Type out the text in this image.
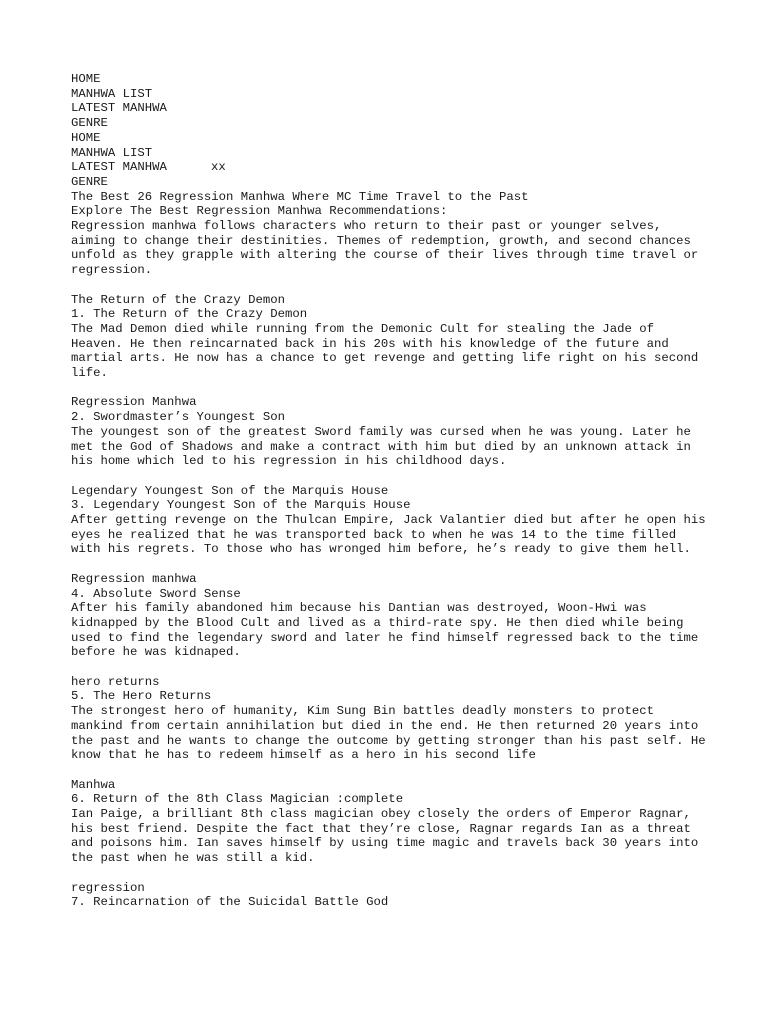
HOME
MANHWA LIST
LATEST MANHWA
GENRE
HOME
MANHWA LIST
LATEST MANHWA	xx
GENRE
The Best 26 Regression Manhwa Where MC Time Travel to the Past
Explore The Best Regression Manhwa Recommendations:

Regression manhwa follows characters who return to their past or younger selves, aiming to change their destinities. Themes of redemption, growth, and second chances unfold as they grapple with altering the course of their lives through time travel or regression.

The Return of the Crazy Demon
1. The Return of the Crazy Demon

The Mad Demon died while running from the Demonic Cult for stealing the Jade of Heaven. He then reincarnated back in his 20s with his knowledge of the future and martial arts. He now has a chance to get revenge and getting life right on his second life.

Regression Manhwa
2. Swordmaster’s Youngest Son

The youngest son of the greatest Sword family was cursed when he was young. Later he met the God of Shadows and make a contract with him but died by an unknown attack in his home which led to his regression in his childhood days.

Legendary Youngest Son of the Marquis House
3. Legendary Youngest Son of the Marquis House

After getting revenge on the Thulcan Empire, Jack Valantier died but after he open his eyes he realized that he was transported back to when he was 14 to the time filled with his regrets. To those who has wronged him before, he’s ready to give them hell.

Regression manhwa
4. Absolute Sword Sense

After his family abandoned him because his Dantian was destroyed, Woon-Hwi was kidnapped by the Blood Cult and lived as a third-rate spy. He then died while being used to find the legendary sword and later he find himself regressed back to the time before he was kidnaped.

hero returns
5. The Hero Returns

The strongest hero of humanity, Kim Sung Bin battles deadly monsters to protect mankind from certain annihilation but died in the end. He then returned 20 years into the past and he wants to change the outcome by getting stronger than his past self. He know that he has to redeem himself as a hero in his second life

Manhwa
6. Return of the 8th Class Magician :complete

Ian Paige, a brilliant 8th class magician obey closely the orders of Emperor Ragnar, his best friend. Despite the fact that they’re close, Ragnar regards Ian as a threat and poisons him. Ian saves himself by using time magic and travels back 30 years into the past when he was still a kid.

regression
7. Reincarnation of the Suicidal Battle God
